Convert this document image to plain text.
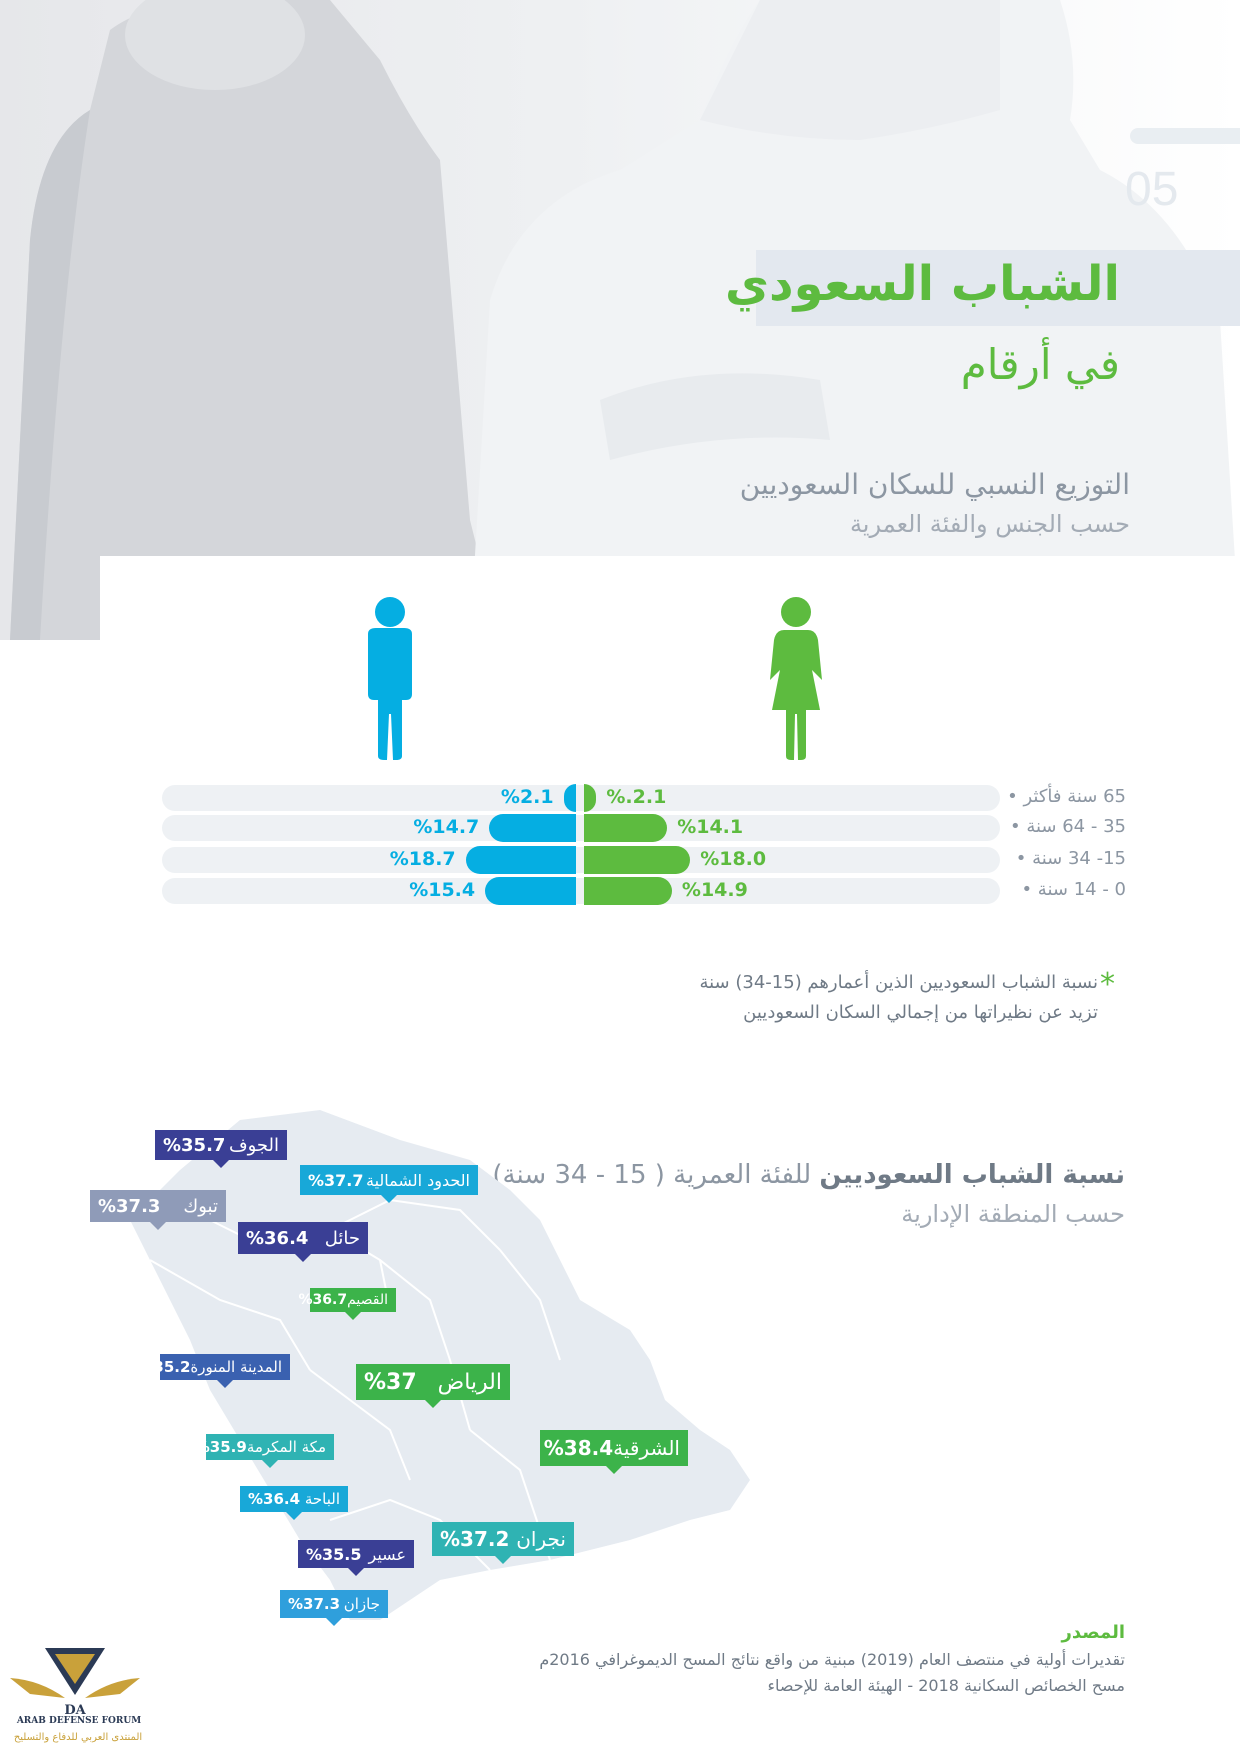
05
الشباب السعودي
في أرقام
التوزيع النسبي للسكان السعوديين
حسب الجنس والفئة العمرية
%2.1	%.2.1	65 سنة فأكثر •
%14.7	%14.1	35 - 64 سنة •
%18.7	%18.0	15- 34 سنة •
%15.4	%14.9	0 - 14 سنة •
*
نسبة الشباب السعوديين الذين أعمارهم (15-34) سنة
تزيد عن نظيراتها من إجمالي السكان السعوديين
نسبة الشباب السعوديين للفئة العمرية ( 15 - 34 سنة)
حسب المنطقة الإدارية
الجوف
%35.7
الحدود الشمالية
%37.7
تبوك
%37.3
حائل
%36.4
القصيم
%36.7
المدينة المنورة
%35.2
الرياض
%37
الشرقية
%38.4
مكة المكرمة
%35.9
الباحة
%36.4
نجران
%37.2
عسير
%35.5
جازان
%37.3
المصدر
تقديرات أولية في منتصف العام (2019) مبنية من واقع نتائج المسح الديموغرافي 2016م
مسح الخصائص السكانية 2018 - الهيئة العامة للإحصاء
DA
ARAB DEFENSE FORUM
المنتدى العربي للدفاع والتسليح
